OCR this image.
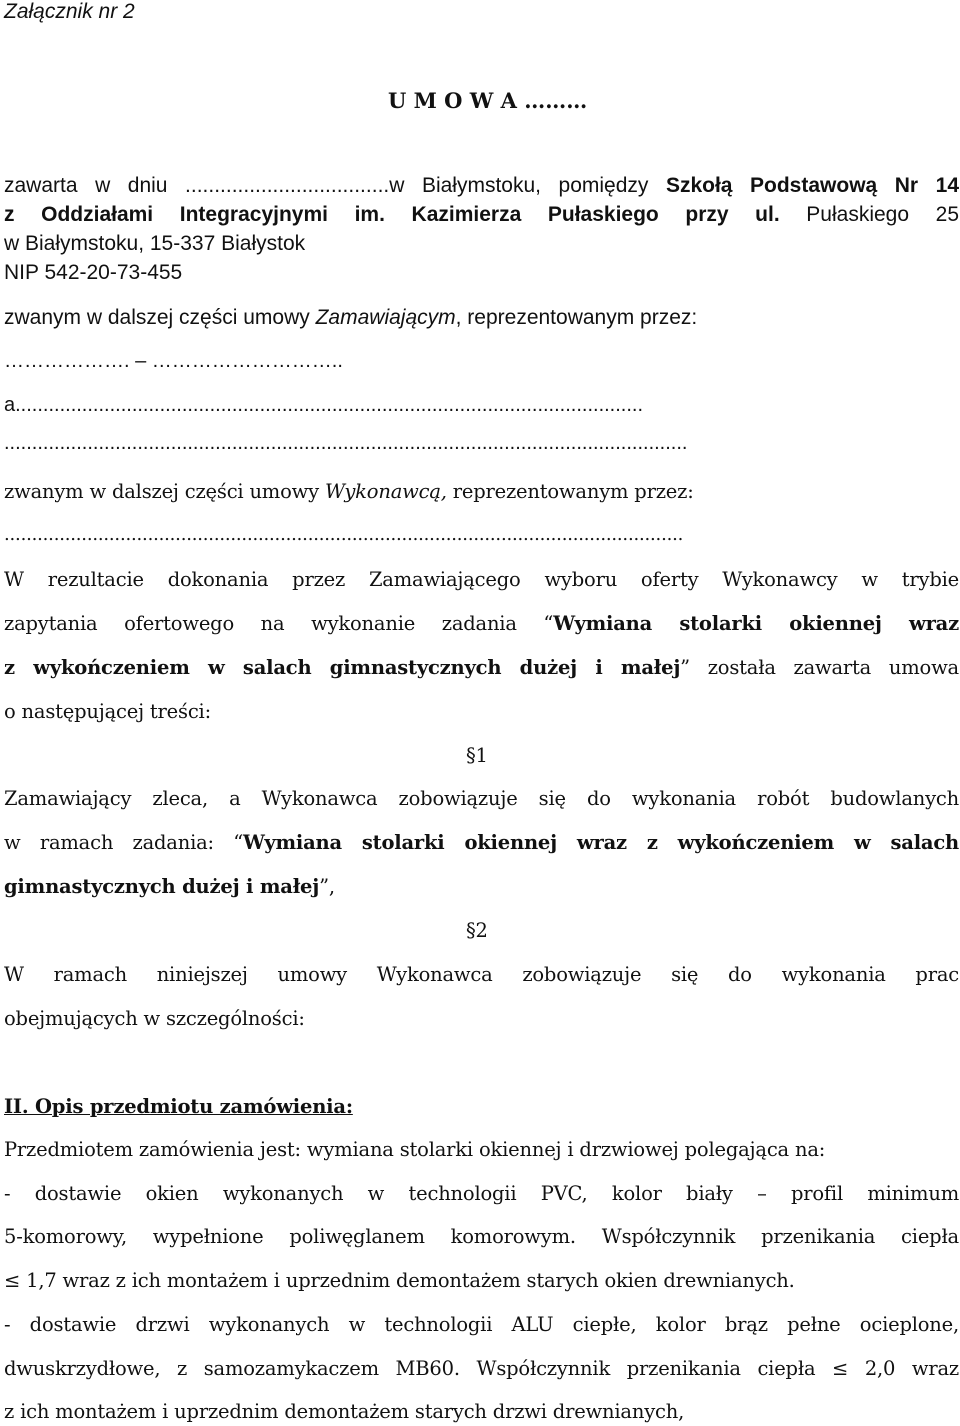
Załącznik nr 2

U M O W A ………

zawarta w dniu ...................................w Białymstoku, pomiędzy Szkołą Podstawową Nr 14

z Oddziałami Integracyjnymi im. Kazimierza Pułaskiego przy ul. Pułaskiego 25

w Białymstoku, 15-337 Białystok

NIP 542-20-73-455

zwanym w dalszej części umowy Zamawiającym, reprezentowanym przez:

………………. – ………………………..

a.................................................................................................................

...........................................................................................................................

zwanym w dalszej części umowy Wykonawcą, reprezentowanym przez:

...........................................................................................................................

W rezultacie dokonania przez Zamawiającego wyboru oferty Wykonawcy w trybie

zapytania ofertowego na wykonanie zadania “Wymiana stolarki okiennej wraz

z wykończeniem w salach gimnastycznych dużej i małej” została zawarta umowa

o następującej treści:

§1

Zamawiający zleca, a Wykonawca zobowiązuje się do wykonania robót budowlanych

w ramach zadania: “Wymiana stolarki okiennej wraz z wykończeniem w salach

gimnastycznych dużej i małej”,

§2

W ramach niniejszej umowy Wykonawca zobowiązuje się do wykonania prac

obejmujących w szczególności:

II. Opis przedmiotu zamówienia:

Przedmiotem zamówienia jest: wymiana stolarki okiennej i drzwiowej polegająca na:

- dostawie okien wykonanych w technologii PVC, kolor biały – profil minimum

5-komorowy, wypełnione poliwęglanem komorowym. Współczynnik przenikania ciepła

≤ 1,7 wraz z ich montażem i uprzednim demontażem starych okien drewnianych.

- dostawie drzwi wykonanych w technologii ALU ciepłe, kolor brąz pełne ocieplone,

dwuskrzydłowe, z samozamykaczem MB60. Współczynnik przenikania ciepła ≤ 2,0 wraz

z ich montażem i uprzednim demontażem starych drzwi drewnianych,
